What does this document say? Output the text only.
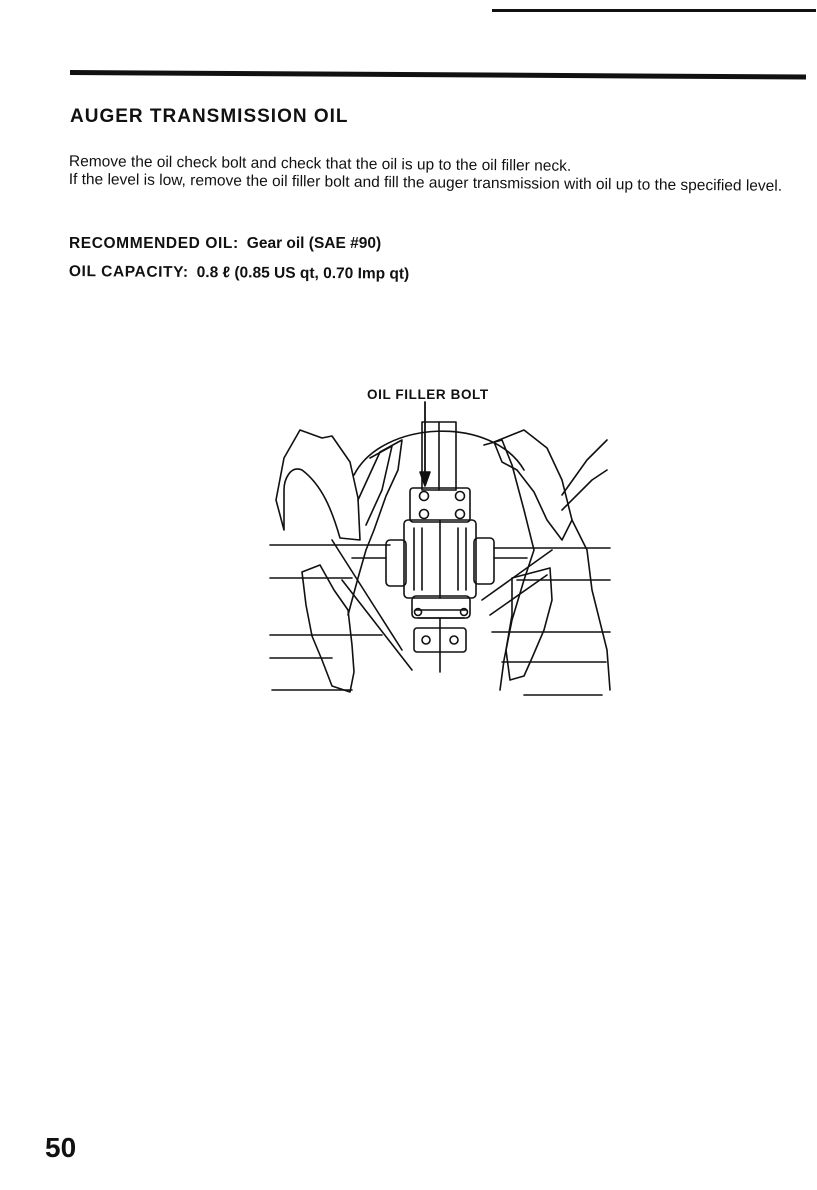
AUGER TRANSMISSION OIL

Remove the oil check bolt and check that the oil is up to the oil filler neck.

If the level is low, remove the oil filler bolt and fill the auger transmission with oil up to the specified level.

RECOMMENDED OIL: Gear oil (SAE #90)

OIL CAPACITY: 0.8 ℓ (0.85 US qt, 0.70 Imp qt)

OIL FILLER BOLT

50
